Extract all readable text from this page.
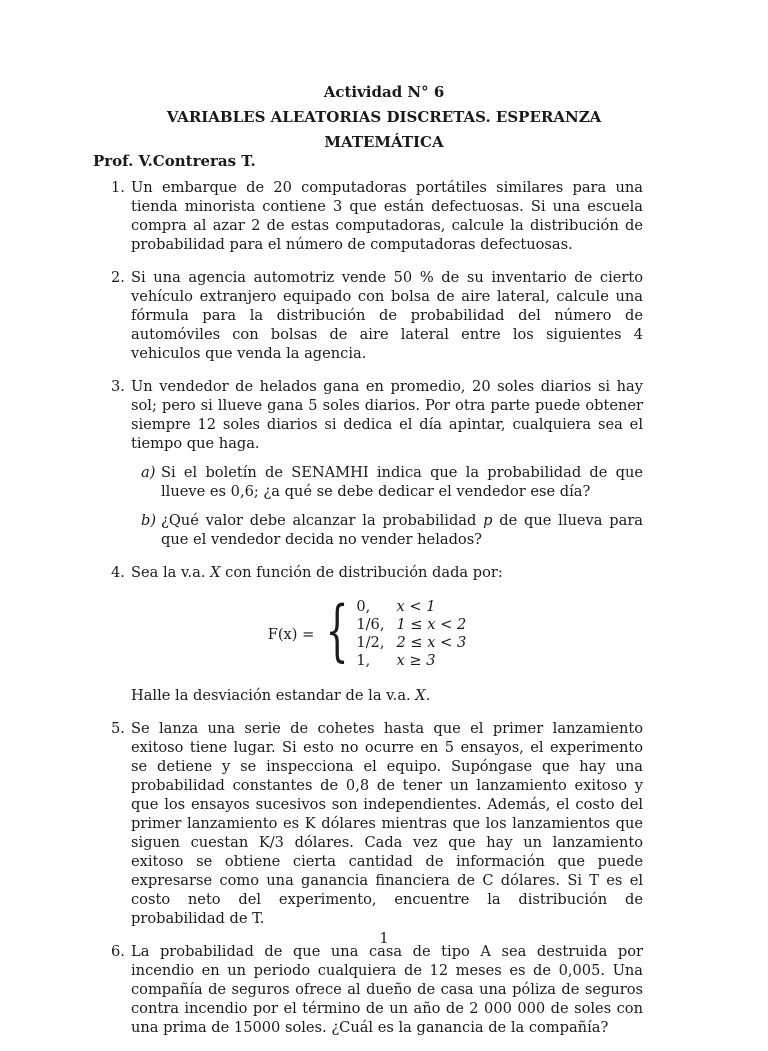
Actividad N° 6
VARIABLES ALEATORIAS DISCRETAS. ESPERANZA
MATEMÁTICA
Prof. V.Contreras T.
1. Un embarque de 20 computadoras portátiles similares para una tienda minorista contiene 3 que están defectuosas. Si una escuela compra al azar 2 de estas computadoras, calcule la distribución de probabilidad para el número de computadoras defectuosas.
2. Si una agencia automotriz vende 50 % de su inventario de cierto vehículo extranjero equipado con bolsa de aire lateral, calcule una fórmula para la distribución de probabilidad del número de automóviles con bolsas de aire lateral entre los siguientes 4 vehiculos que venda la agencia.
3. Un vendedor de helados gana en promedio, 20 soles diarios si hay sol; pero si llueve gana 5 soles diarios. Por otra parte puede obtener siempre 12 soles diarios si dedica el día apintar, cualquiera sea el tiempo que haga.
a) Si el boletín de SENAMHI indica que la probabilidad de que llueve es 0,6; ¿a qué se debe dedicar el vendedor ese día?
b) ¿Qué valor debe alcanzar la probabilidad p de que llueva para que el vendedor decida no vender helados?
4. Sea la v.a. X con función de distribución dada por:
F(x) = { 0,	x < 1
1/6, 1 ≤ x < 2
1/2, 2 ≤ x < 3
1,	x ≥ 3
Halle la desviación estandar de la v.a. X.
5. Se lanza una serie de cohetes hasta que el primer lanzamiento exitoso tiene lugar. Si esto no ocurre en 5 ensayos, el experimento se detiene y se inspecciona el equipo. Supóngase que hay una probabilidad constantes de 0,8 de tener un lanzamiento exitoso y que los ensayos sucesivos son independientes. Además, el costo del primer lanzamiento es K dólares mientras que los lanzamientos que siguen cuestan K/3 dólares. Cada vez que hay un lanzamiento exitoso se obtiene cierta cantidad de información que puede expresarse como una ganancia financiera de C dólares. Si T es el costo neto del experimento, encuentre la distribución de probabilidad de T.
6. La probabilidad de que una casa de tipo A sea destruida por incendio en un periodo cualquiera de 12 meses es de 0,005. Una compañía de seguros ofrece al dueño de casa una póliza de seguros contra incendio por el término de un año de 2 000 000 de soles con una prima de 15000 soles. ¿Cuál es la ganancia de la compañía?
1
